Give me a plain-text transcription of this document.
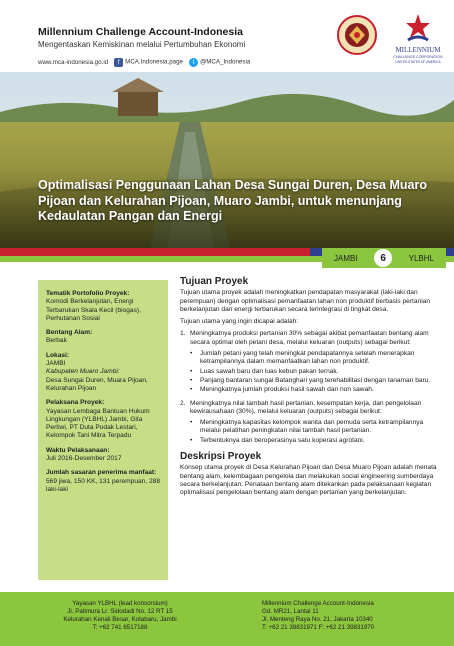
Millennium Challenge Account-Indonesia
Mengentaskan Kemiskinan melalui Pertumbuhan Ekonomi
www.mca-indonesia.go.id	f MCA.Indonesia.page	t @MCA_Indonesia
MILLENNIUM
CHALLENGE CORPORATION
UNITED STATES OF AMERICA
Optimalisasi Penggunaan Lahan Desa Sungai Duren, Desa Muaro Pijoan dan Kelurahan Pijoan, Muaro Jambi, untuk menunjang Kedaulatan Pangan dan Energi
JAMBI	6	YLBHL
Tematik Portofolio Proyek:
Komodi Berkelanjutan, Energi Terbarukan Skala Kecil (biogas), Perhutanan Sosial
Bentang Alam:
Berbak
Lokasi:
JAMBI
Kabupaten Muaro Jambi:
Desa Sungai Duren, Muara Pijoan, Kelurahan Pijoan
Pelaksana Proyek:
Yayasan Lembaga Bantuan Hukum Lingkungan (YLBHL) Jambi, Gita Pertiwi, PT Duta Pudak Lestari, Kelompok Tani Mitra Terpadu
Waktu Pelaksanaan:
Juli 2016-Desember 2017
Jumlah sasaran penerima manfaat:
569 jiwa, 150 KK, 131 perempuan, 288 laki-laki
Tujuan Proyek
Tujuan utama proyek adalah meningkatkan pendapatan masyarakat (laki-laki dan perempuan) dengan optimalisasi pemanfaatan lahan non produktif berbasis pertanian berkelanjutan dan energi terbarukan secara terintegrasi di tingkat desa.
Tujuan utama yang ingin dicapai adalah:
1. Meningkatnya produksi pertanian 30% sebagai akibat pemanfaatan bentang alam secara optimal oleh petani desa, melalui keluaran (outputs) sebagai berikut:
•	Jumlah petani yang telah meningkat pendapatannya setelah menerapkan ketrampilannya dalam memanfaatkan lahan non produktif.
•	Luas sawah baru dan luas kebun pakan ternak.
•	Panjang bantaran sungai Batanghari yang terehabilitasi dengan tanaman baru.
•	Meningkatnya jumlah produksi hasil sawah dan non sawah.
2. Meningkatnya nilai tambah hasil pertanian, kesempatan kerja, dan pengelolaan kewirausahaan (30%), melalui keluaran (outputs) sebagai berikut:
•	Meningkatnya kapasitas kelompok wanita dan pemuda serta ketrampilannya melalui pelatihan peningkatan nilai tambah hasil pertanian.
•	Terbentuknya dan beroperasinya satu koperasi agrotani.
Deskripsi Proyek
Konsep utama proyek di Desa Kelurahan Pijoan dan Desa Muaro Pijoan adalah menata bentang alam, kelembagaan pengelola dan melakukan social engineering sumberdaya secara berkelanjutan. Penataan bentang alam ditekankan pada pelaksanaan kegiatan optimalisasi pengelolaan bentang alam dengan pertanian yang berkelanjutan.
Yayasan YLBHL (lead konsorsium)
Jl. Patimura Lr. Sidodadi No. 12 RT 15
Kelurahan Kenali Besar, Kotabaru, Jambi
T: +62 741 6517188
Millennium Challenge Account-Indonesia
Gd. MR21, Lantai 11
Jl. Menteng Raya No. 21, Jakarta 10340
T: +62 21 39831971 F: +62 21 39831970
